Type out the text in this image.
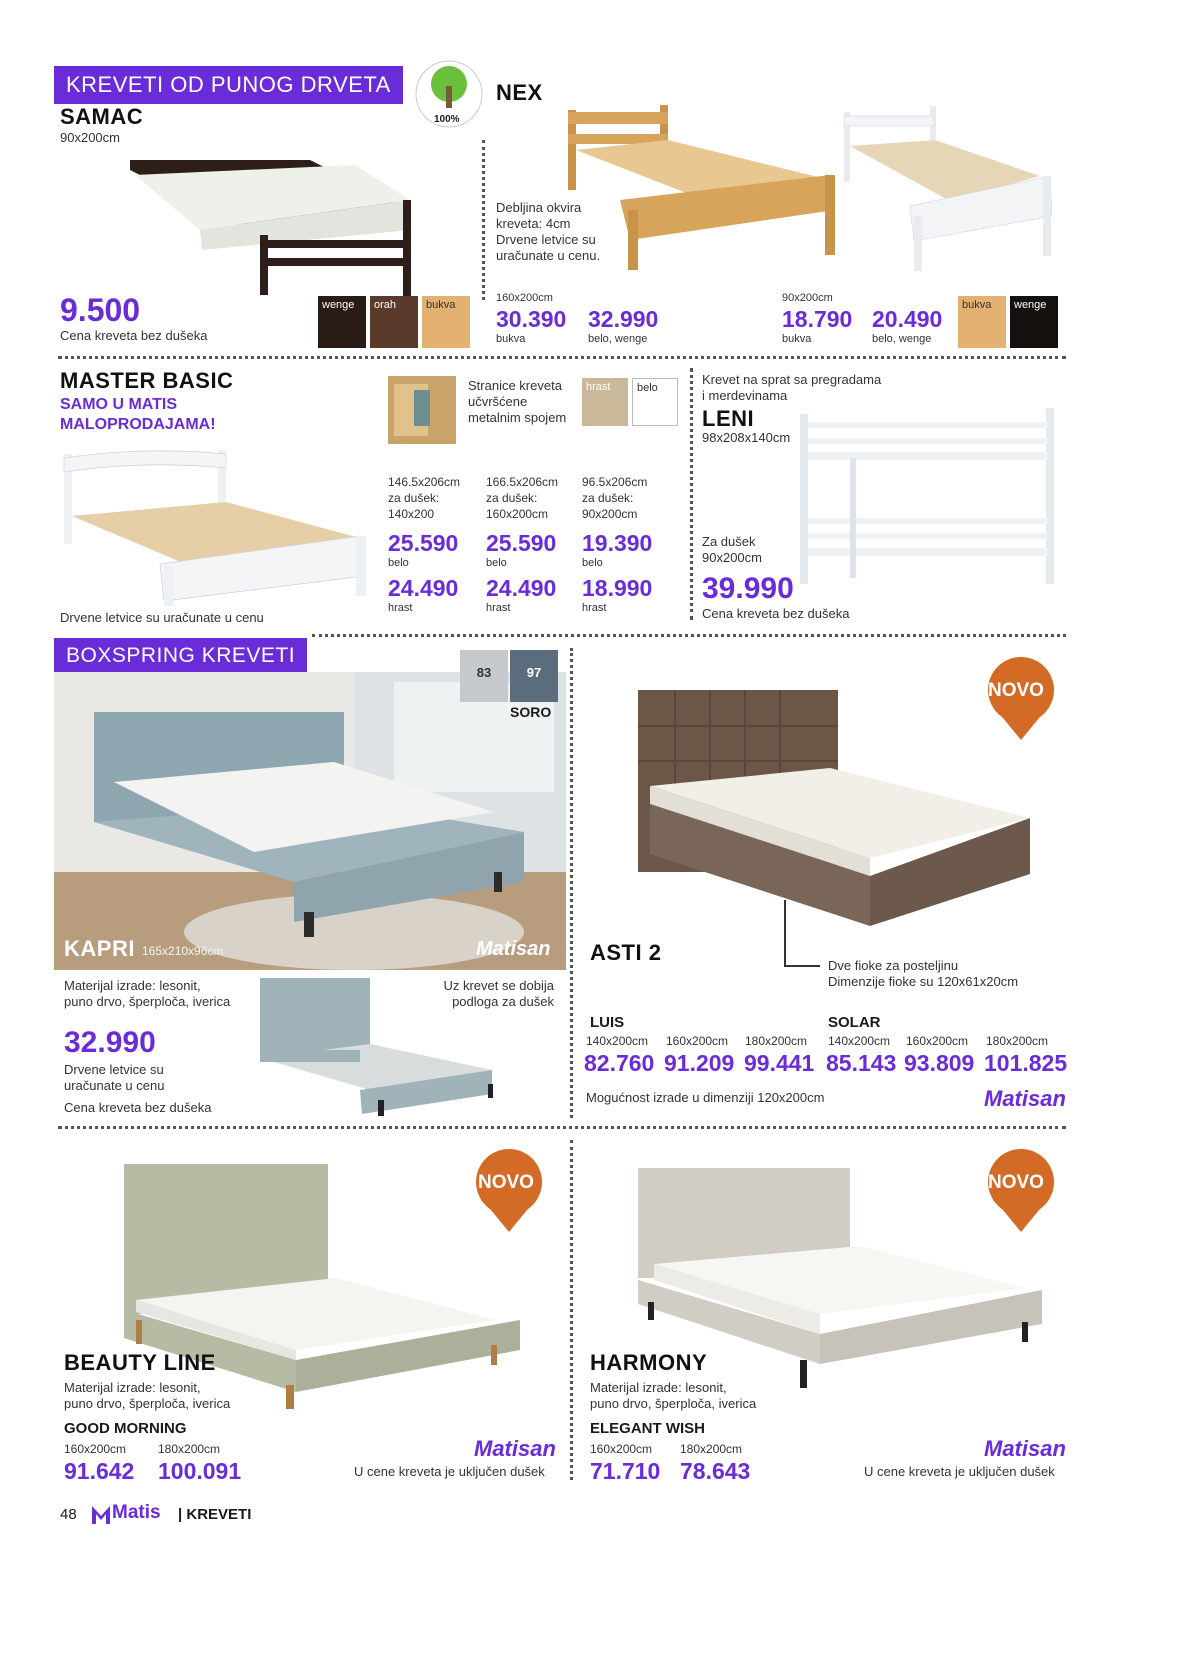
KREVETI OD PUNOG DRVETA
SAMAC
90x200cm
9.500
Cena kreveta bez dušeka
wenge	orah	bukva
100%
NEX
Debljina okvira
kreveta: 4cm
Drvene letvice su
uračunate u cenu.
160x200cm
30.390
bukva
32.990
belo, wenge
90x200cm
18.790
bukva
20.490
belo, wenge
bukva	wenge
MASTER BASIC
SAMO U MATIS
MALOPRODAJAMA!
Drvene letvice su uračunate u cenu
Stranice kreveta
učvršćene
metalnim spojem
hrast	belo
146.5x206cm
za dušek:
140x200
25.590
belo
24.490
hrast
166.5x206cm
za dušek:
160x200cm
25.590
belo
24.490
hrast
96.5x206cm
za dušek:
90x200cm
19.390
belo
18.990
hrast
Krevet na sprat sa pregradama
i merdevinama
LENI
98x208x140cm
Za dušek
90x200cm
39.990
Cena kreveta bez dušeka
BOXSPRING KREVETI
KAPRI 165x210x96cm	Matisan
83	97
SORO
Materijal izrade: lesonit,
puno drvo, šperploča, iverica
32.990
Drvene letvice su
uračunate u cenu
Cena kreveta bez dušeka
Uz krevet se dobija
podloga za dušek
NOVO
ASTI 2
Dve fioke za posteljinu
Dimenzije fioke su 120x61x20cm
LUIS	SOLAR
140x200cm 160x200cm 180x200cm 140x200cm 160x200cm 180x200cm
82.760 91.209 99.441 85.143 93.809 101.825
Mogućnost izrade u dimenziji 120x200cm	Matisan
NOVO
BEAUTY LINE
Materijal izrade: lesonit,
puno drvo, šperploča, iverica
GOOD MORNING
160x200cm	180x200cm
91.642 100.091
Matisan
U cene kreveta je uključen dušek
NOVO
HARMONY
Materijal izrade: lesonit,
puno drvo, šperploča, iverica
ELEGANT WISH
160x200cm 180x200cm
71.710 78.643
Matisan
U cene kreveta je uključen dušek
48 Matis | KREVETI
